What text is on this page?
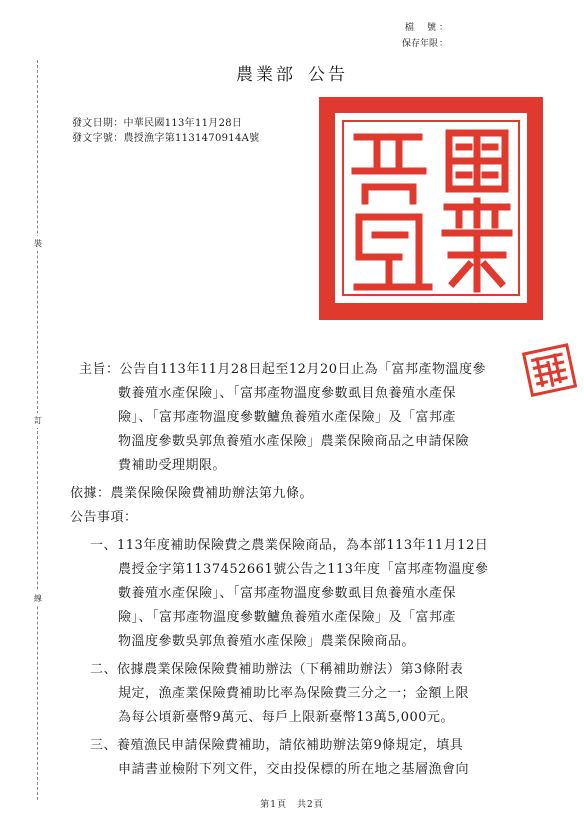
檔　號 ：
保存年限 ：
裝
訂
線
農業部 公告
發文日期：中華民國113年11月28日
發文字號：農授漁字第1131470914A號
主旨：公告自113年11月28日起至12月20日止為「富邦產物溫度參
數養殖水產保險」、「富邦產物溫度參數虱目魚養殖水產保
險」、「富邦產物溫度參數鱸魚養殖水產保險」及「富邦產
物溫度參數吳郭魚養殖水產保險」農業保險商品之申請保險
費補助受理期限。
依據：農業保險保險費補助辦法第九條。
公告事項：
一、113年度補助保險費之農業保險商品，為本部113年11月12日
農授金字第1137452661號公告之113年度「富邦產物溫度參
數養殖水產保險」、「富邦產物溫度參數虱目魚養殖水產保
險」、「富邦產物溫度參數鱸魚養殖水產保險」及「富邦產
物溫度參數吳郭魚養殖水產保險」農業保險商品。
二、依據農業保險保險費補助辦法（下稱補助辦法）第3條附表
規定，漁產業保險費補助比率為保險費三分之一；金額上限
為每公頃新臺幣9萬元、每戶上限新臺幣13萬5,000元。
三、養殖漁民申請保險費補助，請依補助辦法第9條規定，填具
申請書並檢附下列文件，交由投保標的所在地之基層漁會向
第1頁　共2頁
